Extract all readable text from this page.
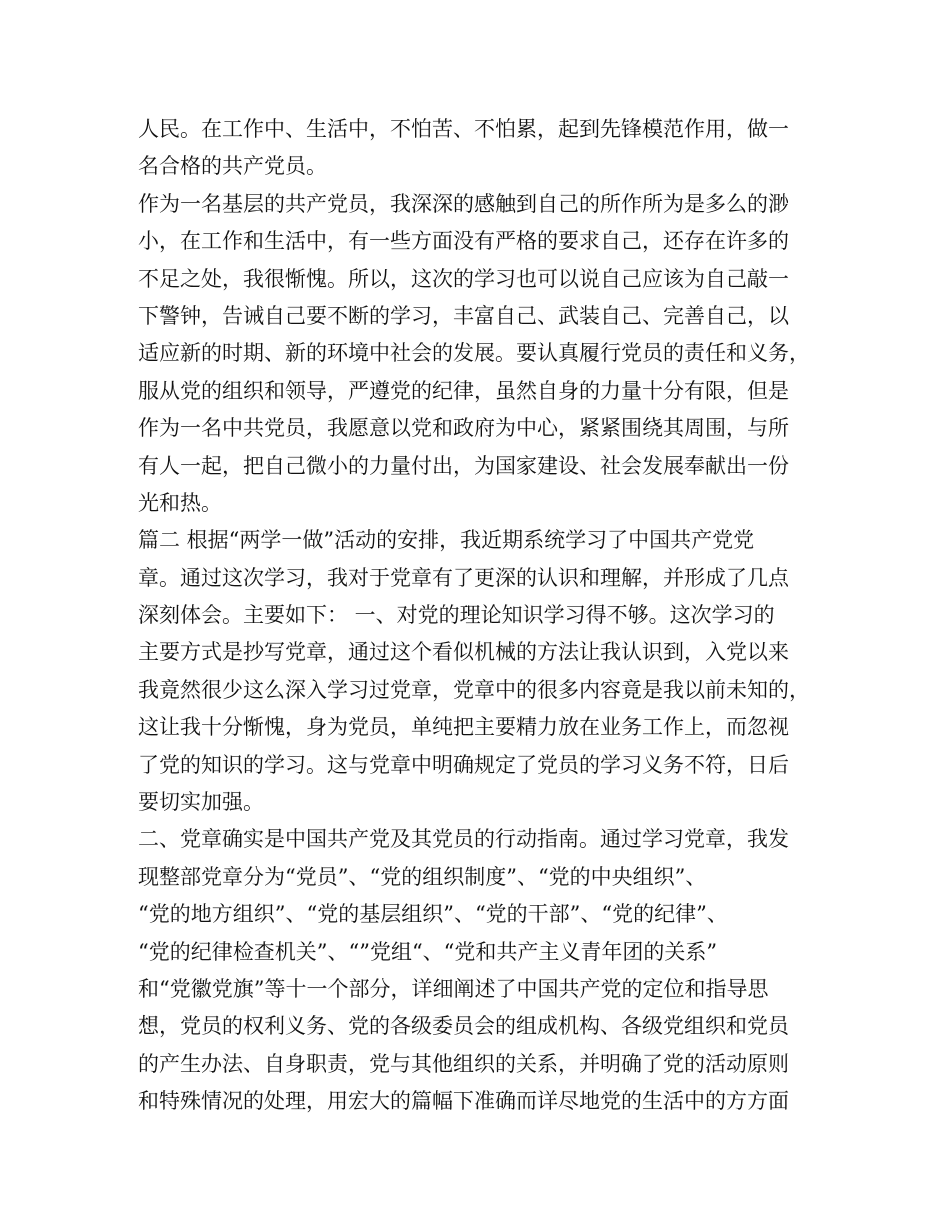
人民。在工作中、生活中，不怕苦、不怕累，起到先锋模范作用，做一
名合格的共产党员。
作为一名基层的共产党员，我深深的感触到自己的所作所为是多么的渺
小，在工作和生活中，有一些方面没有严格的要求自己，还存在许多的
不足之处，我很惭愧。所以，这次的学习也可以说自己应该为自己敲一
下警钟，告诫自己要不断的学习，丰富自己、武装自己、完善自己，以
适应新的时期、新的环境中社会的发展。要认真履行党员的责任和义务，
服从党的组织和领导，严遵党的纪律，虽然自身的力量十分有限，但是
作为一名中共党员，我愿意以党和政府为中心，紧紧围绕其周围，与所
有人一起，把自己微小的力量付出，为国家建设、社会发展奉献出一份
光和热。
篇二 根据“两学一做”活动的安排，我近期系统学习了中国共产党党
章。通过这次学习，我对于党章有了更深的认识和理解，并形成了几点
深刻体会。主要如下： 一、对党的理论知识学习得不够。这次学习的
主要方式是抄写党章，通过这个看似机械的方法让我认识到，入党以来
我竟然很少这么深入学习过党章，党章中的很多内容竟是我以前未知的，
这让我十分惭愧，身为党员，单纯把主要精力放在业务工作上，而忽视
了党的知识的学习。这与党章中明确规定了党员的学习义务不符，日后
要切实加强。
二、党章确实是中国共产党及其党员的行动指南。通过学习党章，我发
现整部党章分为“党员”、“党的组织制度”、“党的中央组织”、
“党的地方组织”、“党的基层组织”、“党的干部”、“党的纪律”、
“党的纪律检查机关”、“”党组“、“党和共产主义青年团的关系”
和“党徽党旗”等十一个部分，详细阐述了中国共产党的定位和指导思
想，党员的权利义务、党的各级委员会的组成机构、各级党组织和党员
的产生办法、自身职责，党与其他组织的关系，并明确了党的活动原则
和特殊情况的处理，用宏大的篇幅下准确而详尽地党的生活中的方方面
